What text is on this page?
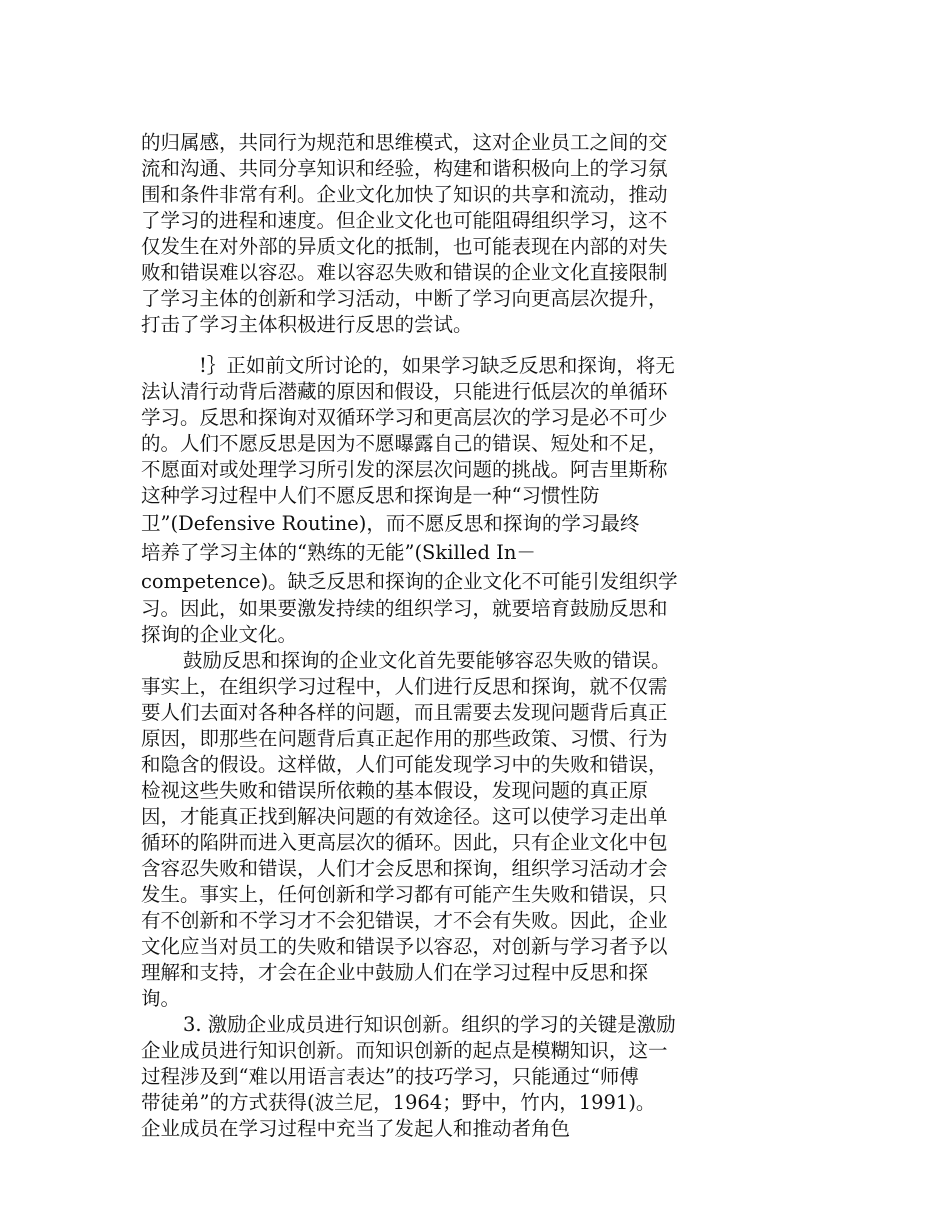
的归属感，共同行为规范和思维模式，这对企业员工之间的交
流和沟通、共同分享知识和经验，构建和谐积极向上的学习氛
围和条件非常有利。企业文化加快了知识的共享和流动，推动
了学习的进程和速度。但企业文化也可能阻碍组织学习，这不
仅发生在对外部的异质文化的抵制，也可能表现在内部的对失
败和错误难以容忍。难以容忍失败和错误的企业文化直接限制
了学习主体的创新和学习活动，中断了学习向更高层次提升，
打击了学习主体积极进行反思的尝试。
!｝正如前文所讨论的，如果学习缺乏反思和探询，将无
法认清行动背后潜藏的原因和假设，只能进行低层次的单循环
学习。反思和探询对双循环学习和更高层次的学习是必不可少
的。人们不愿反思是因为不愿曝露自己的错误、短处和不足，
不愿面对或处理学习所引发的深层次问题的挑战。阿吉里斯称
这种学习过程中人们不愿反思和探询是一种“习惯性防
卫”(Defensive Routine)，而不愿反思和探询的学习最终
培养了学习主体的“熟练的无能”(Skilled In－
competence)。缺乏反思和探询的企业文化不可能引发组织学
习。因此，如果要激发持续的组织学习，就要培育鼓励反思和
探询的企业文化。
鼓励反思和探询的企业文化首先要能够容忍失败的错误。
事实上，在组织学习过程中，人们进行反思和探询，就不仅需
要人们去面对各种各样的问题，而且需要去发现问题背后真正
原因，即那些在问题背后真正起作用的那些政策、习惯、行为
和隐含的假设。这样做，人们可能发现学习中的失败和错误，
检视这些失败和错误所依赖的基本假设，发现问题的真正原
因，才能真正找到解决问题的有效途径。这可以使学习走出单
循环的陷阱而进入更高层次的循环。因此，只有企业文化中包
含容忍失败和错误，人们才会反思和探询，组织学习活动才会
发生。事实上，任何创新和学习都有可能产生失败和错误，只
有不创新和不学习才不会犯错误，才不会有失败。因此，企业
文化应当对员工的失败和错误予以容忍，对创新与学习者予以
理解和支持，才会在企业中鼓励人们在学习过程中反思和探
询。
3. 激励企业成员进行知识创新。组织的学习的关键是激励
企业成员进行知识创新。而知识创新的起点是模糊知识，这一
过程涉及到“难以用语言表达”的技巧学习，只能通过“师傅
带徒弟”的方式获得(波兰尼，1964；野中，竹内，1991)。
企业成员在学习过程中充当了发起人和推动者角色
